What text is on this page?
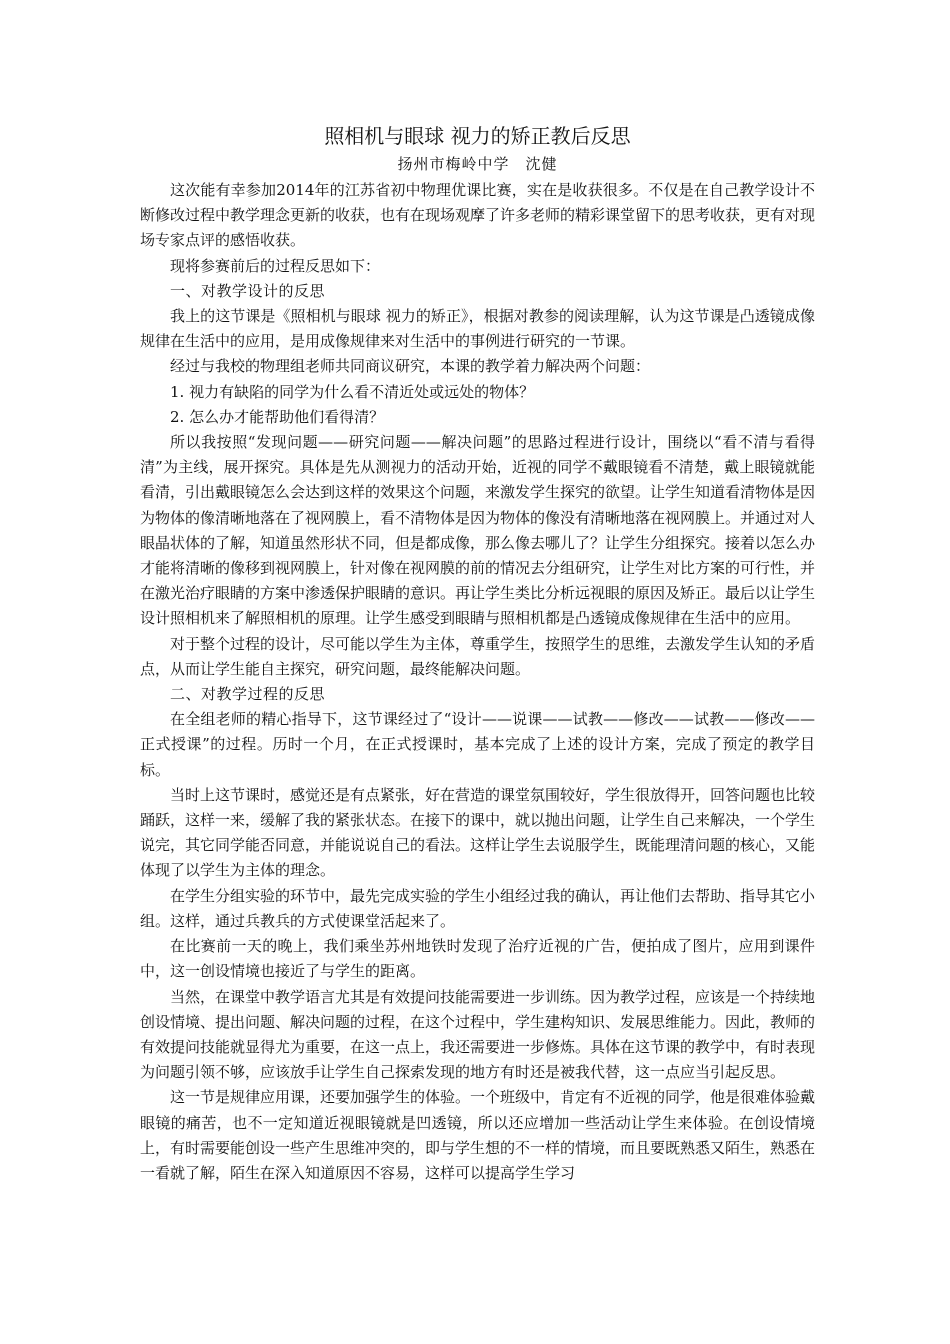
照相机与眼球 视力的矫正教后反思
扬州市梅岭中学　沈健

这次能有幸参加2014年的江苏省初中物理优课比赛，实在是收获很多。不仅是在自己教学设计不断修改过程中教学理念更新的收获，也有在现场观摩了许多老师的精彩课堂留下的思考收获，更有对现场专家点评的感悟收获。

现将参赛前后的过程反思如下：

一、对教学设计的反思

我上的这节课是《照相机与眼球 视力的矫正》，根据对教参的阅读理解，认为这节课是凸透镜成像规律在生活中的应用，是用成像规律来对生活中的事例进行研究的一节课。

经过与我校的物理组老师共同商议研究，本课的教学着力解决两个问题：

1. 视力有缺陷的同学为什么看不清近处或远处的物体？

2. 怎么办才能帮助他们看得清？

所以我按照“发现问题——研究问题——解决问题”的思路过程进行设计，围绕以“看不清与看得清”为主线，展开探究。具体是先从测视力的活动开始，近视的同学不戴眼镜看不清楚，戴上眼镜就能看清，引出戴眼镜怎么会达到这样的效果这个问题，来激发学生探究的欲望。让学生知道看清物体是因为物体的像清晰地落在了视网膜上，看不清物体是因为物体的像没有清晰地落在视网膜上。并通过对人眼晶状体的了解，知道虽然形状不同，但是都成像，那么像去哪儿了？让学生分组探究。接着以怎么办才能将清晰的像移到视网膜上，针对像在视网膜的前的情况去分组研究，让学生对比方案的可行性，并在激光治疗眼睛的方案中渗透保护眼睛的意识。再让学生类比分析远视眼的原因及矫正。最后以让学生设计照相机来了解照相机的原理。让学生感受到眼睛与照相机都是凸透镜成像规律在生活中的应用。

对于整个过程的设计，尽可能以学生为主体，尊重学生，按照学生的思维，去激发学生认知的矛盾点，从而让学生能自主探究，研究问题，最终能解决问题。

二、对教学过程的反思

在全组老师的精心指导下，这节课经过了“设计——说课——试教——修改——试教——修改——正式授课”的过程。历时一个月，在正式授课时，基本完成了上述的设计方案，完成了预定的教学目标。

当时上这节课时，感觉还是有点紧张，好在营造的课堂氛围较好，学生很放得开，回答问题也比较踊跃，这样一来，缓解了我的紧张状态。在接下的课中，就以抛出问题，让学生自己来解决，一个学生说完，其它同学能否同意，并能说说自己的看法。这样让学生去说服学生，既能理清问题的核心，又能体现了以学生为主体的理念。

在学生分组实验的环节中，最先完成实验的学生小组经过我的确认，再让他们去帮助、指导其它小组。这样，通过兵教兵的方式使课堂活起来了。

在比赛前一天的晚上，我们乘坐苏州地铁时发现了治疗近视的广告，便拍成了图片，应用到课件中，这一创设情境也接近了与学生的距离。

当然，在课堂中教学语言尤其是有效提问技能需要进一步训练。因为教学过程，应该是一个持续地创设情境、提出问题、解决问题的过程，在这个过程中，学生建构知识、发展思维能力。因此，教师的有效提问技能就显得尤为重要，在这一点上，我还需要进一步修炼。具体在这节课的教学中，有时表现为问题引领不够，应该放手让学生自己探索发现的地方有时还是被我代替，这一点应当引起反思。

这一节是规律应用课，还要加强学生的体验。一个班级中，肯定有不近视的同学，他是很难体验戴眼镜的痛苦，也不一定知道近视眼镜就是凹透镜，所以还应增加一些活动让学生来体验。在创设情境上，有时需要能创设一些产生思维冲突的，即与学生想的不一样的情境，而且要既熟悉又陌生，熟悉在一看就了解，陌生在深入知道原因不容易，这样可以提高学生学习
